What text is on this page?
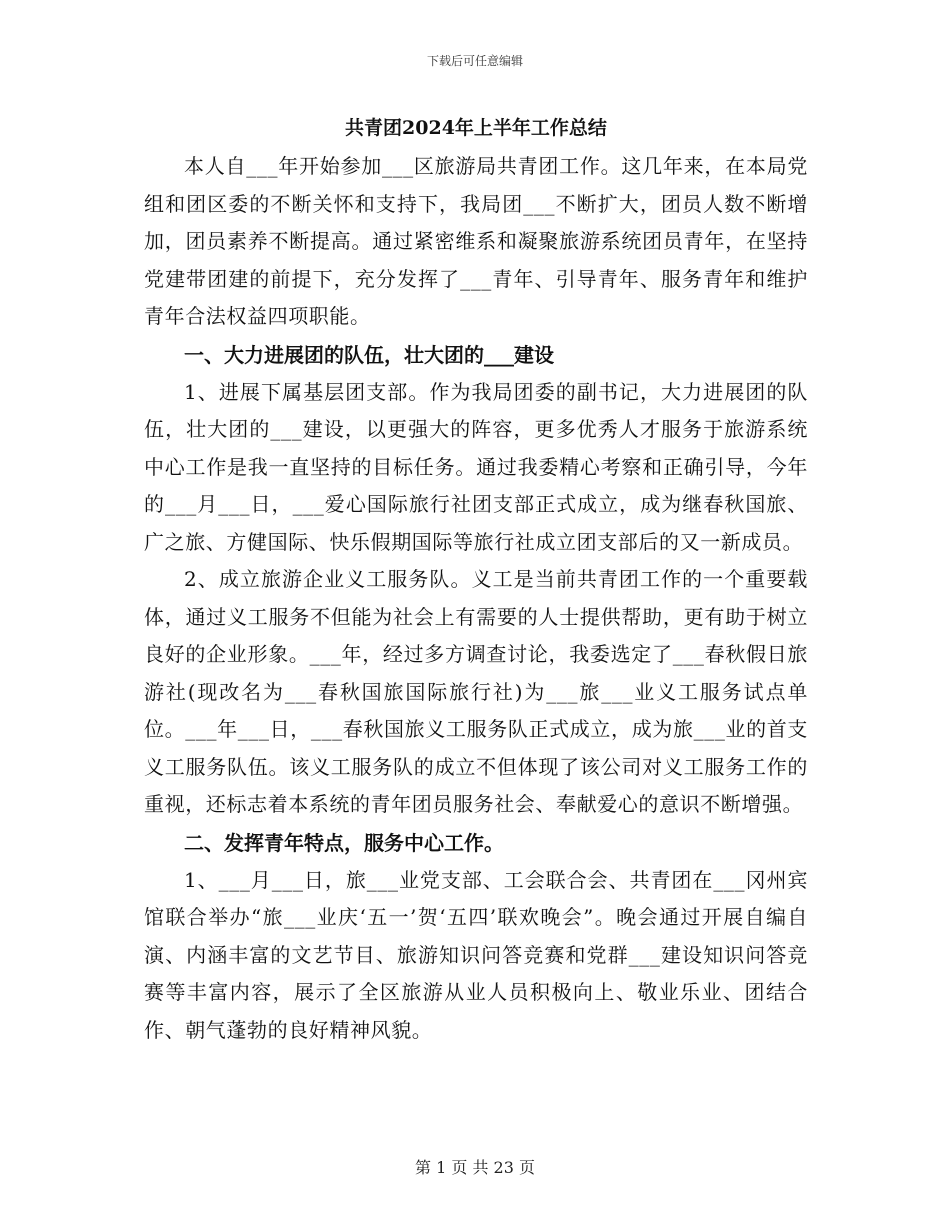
下载后可任意编辑
共青团2024年上半年工作总结

本人自___年开始参加___区旅游局共青团工作。这几年来，在本局党组和团区委的不断关怀和支持下，我局团___不断扩大，团员人数不断增加，团员素养不断提高。通过紧密维系和凝聚旅游系统团员青年，在坚持党建带团建的前提下，充分发挥了___青年、引导青年、服务青年和维护青年合法权益四项职能。

一、大力进展团的队伍，壮大团的___建设

1、进展下属基层团支部。作为我局团委的副书记，大力进展团的队伍，壮大团的___建设，以更强大的阵容，更多优秀人才服务于旅游系统中心工作是我一直坚持的目标任务。通过我委精心考察和正确引导，今年的___月___日，___爱心国际旅行社团支部正式成立，成为继春秋国旅、广之旅、方健国际、快乐假期国际等旅行社成立团支部后的又一新成员。

2、成立旅游企业义工服务队。义工是当前共青团工作的一个重要载体，通过义工服务不但能为社会上有需要的人士提供帮助，更有助于树立良好的企业形象。___年，经过多方调查讨论，我委选定了___春秋假日旅游社(现改名为___春秋国旅国际旅行社)为___旅___业义工服务试点单位。___年___日，___春秋国旅义工服务队正式成立，成为旅___业的首支义工服务队伍。该义工服务队的成立不但体现了该公司对义工服务工作的重视，还标志着本系统的青年团员服务社会、奉献爱心的意识不断增强。

二、发挥青年特点，服务中心工作。

1、___月___日，旅___业党支部、工会联合会、共青团在___冈州宾馆联合举办“旅___业庆‘五一’贺‘五四’联欢晚会”。晚会通过开展自编自演、内涵丰富的文艺节目、旅游知识问答竞赛和党群___建设知识问答竞赛等丰富内容，展示了全区旅游从业人员积极向上、敬业乐业、团结合作、朝气蓬勃的良好精神风貌。

第 1 页 共 23 页
